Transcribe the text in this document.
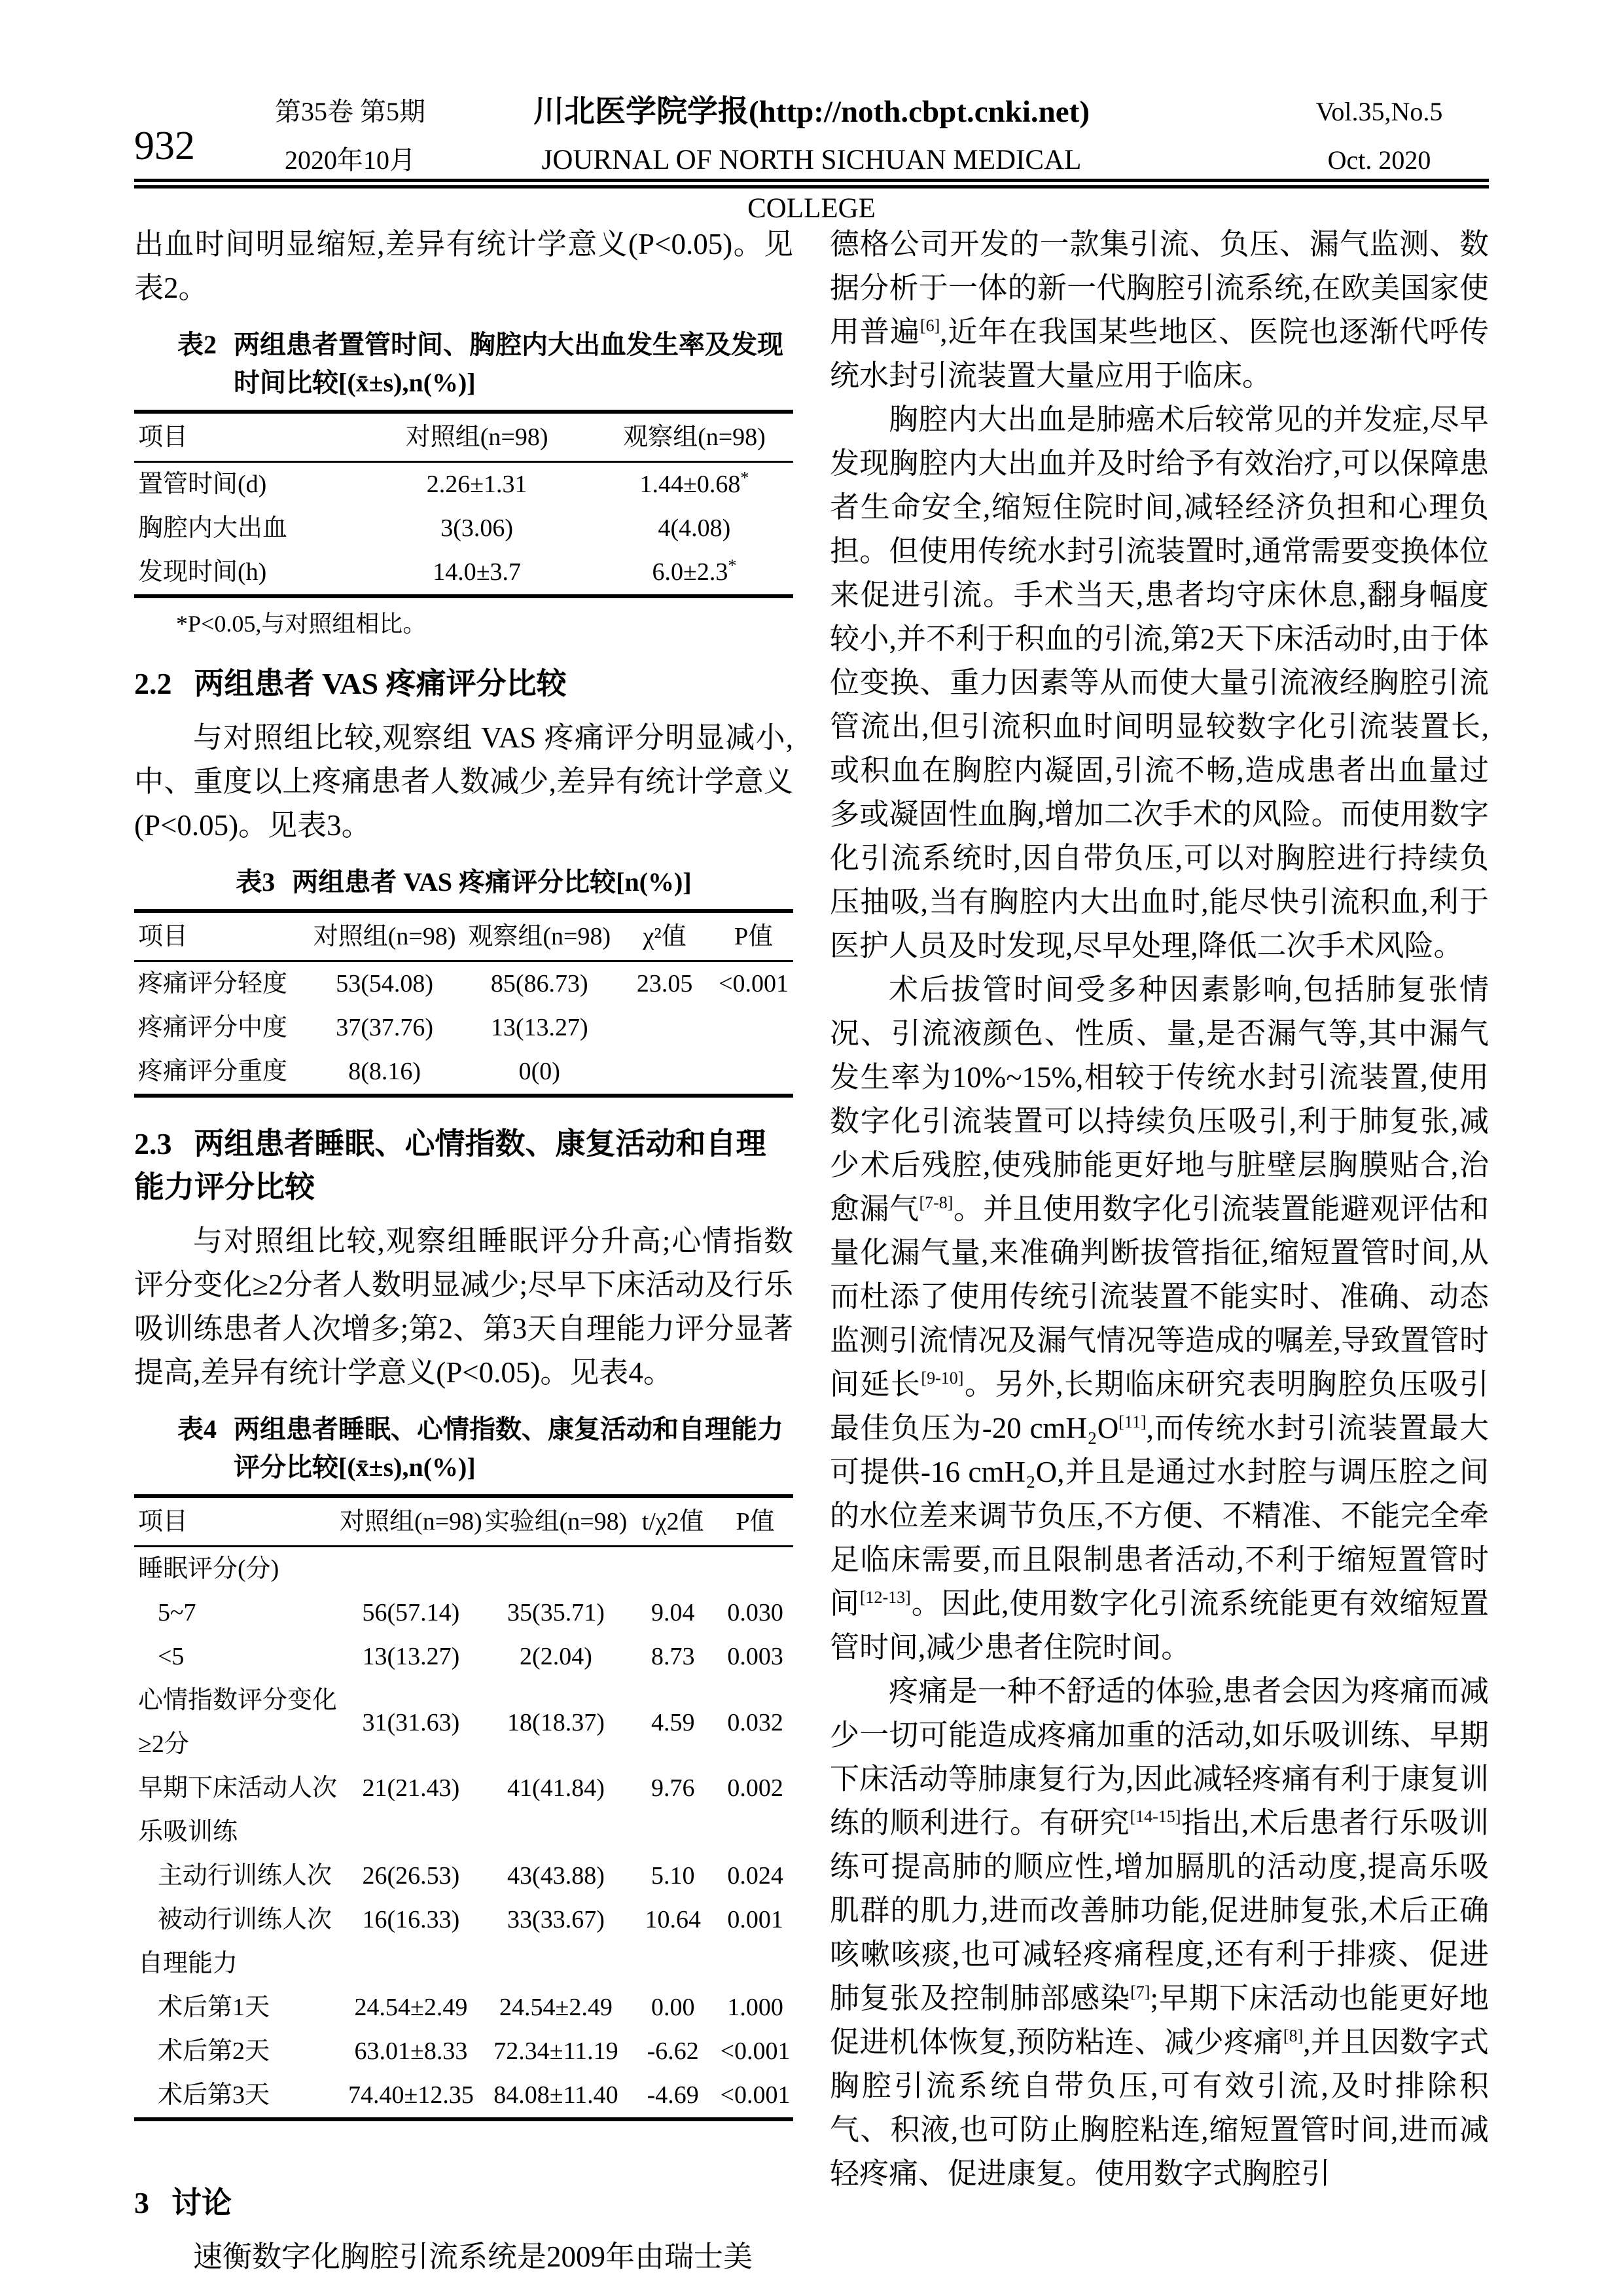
932
第35卷 第5期
2020年10月
川北医学院学报(http://noth.cbpt.cnki.net)
JOURNAL OF NORTH SICHUAN MEDICAL COLLEGE
Vol.35,No.5
Oct. 2020

出血时间明显缩短,差异有统计学意义(P<0.05)。见表2。

表2 两组患者置管时间、胸腔内大出血发生率及发现时间比较[(x̄±s),n(%)]
项目	对照组(n=98)	观察组(n=98)
置管时间(d)	2.26±1.31	1.44±0.68*
胸腔内大出血	3(3.06)	4(4.08)
发现时间(h)	14.0±3.7	6.0±2.3*
*P<0.05,与对照组相比。
2.2 两组患者 VAS 疼痛评分比较

与对照组比较,观察组 VAS 疼痛评分明显减小,中、重度以上疼痛患者人数减少,差异有统计学意义(P<0.05)。见表3。

表3 两组患者 VAS 疼痛评分比较[n(%)]
项目	对照组(n=98)	观察组(n=98)	χ²值	P值
疼痛评分轻度	53(54.08)	85(86.73)	23.05	<0.001
疼痛评分中度	37(37.76)	13(13.27)		
疼痛评分重度	8(8.16)	0(0)		
2.3 两组患者睡眠、心情指数、康复活动和自理能力评分比较

与对照组比较,观察组睡眠评分升高;心情指数评分变化≥2分者人数明显减少;尽早下床活动及行乐吸训练患者人次增多;第2、第3天自理能力评分显著提高,差异有统计学意义(P<0.05)。见表4。

表4 两组患者睡眠、心情指数、康复活动和自理能力评分比较[(x̄±s),n(%)]
项目	对照组(n=98)	实验组(n=98)	t/χ2值	P值
睡眠评分(分)				
5~7	56(57.14)	35(35.71)	9.04	0.030
<5	13(13.27)	2(2.04)	8.73	0.003
心情指数评分变化≥2分	31(31.63)	18(18.37)	4.59	0.032
早期下床活动人次	21(21.43)	41(41.84)	9.76	0.002
乐吸训练				
主动行训练人次	26(26.53)	43(43.88)	5.10	0.024
被动行训练人次	16(16.33)	33(33.67)	10.64	0.001
自理能力				
术后第1天	24.54±2.49	24.54±2.49	0.00	1.000
术后第2天	63.01±8.33	72.34±11.19	-6.62	<0.001
术后第3天	74.40±12.35	84.08±11.40	-4.69	<0.001
3 讨论

速衡数字化胸腔引流系统是2009年由瑞士美

德格公司开发的一款集引流、负压、漏气监测、数据分析于一体的新一代胸腔引流系统,在欧美国家使用普遍[6],近年在我国某些地区、医院也逐渐代呼传统水封引流装置大量应用于临床。

胸腔内大出血是肺癌术后较常见的并发症,尽早发现胸腔内大出血并及时给予有效治疗,可以保障患者生命安全,缩短住院时间,减轻经济负担和心理负担。但使用传统水封引流装置时,通常需要变换体位来促进引流。手术当天,患者均守床休息,翻身幅度较小,并不利于积血的引流,第2天下床活动时,由于体位变换、重力因素等从而使大量引流液经胸腔引流管流出,但引流积血时间明显较数字化引流装置长,或积血在胸腔内凝固,引流不畅,造成患者出血量过多或凝固性血胸,增加二次手术的风险。而使用数字化引流系统时,因自带负压,可以对胸腔进行持续负压抽吸,当有胸腔内大出血时,能尽快引流积血,利于医护人员及时发现,尽早处理,降低二次手术风险。

术后拔管时间受多种因素影响,包括肺复张情况、引流液颜色、性质、量,是否漏气等,其中漏气发生率为10%~15%,相较于传统水封引流装置,使用数字化引流装置可以持续负压吸引,利于肺复张,减少术后残腔,使残肺能更好地与脏壁层胸膜贴合,治愈漏气[7-8]。并且使用数字化引流装置能避观评估和量化漏气量,来准确判断拔管指征,缩短置管时间,从而杜添了使用传统引流装置不能实时、准确、动态监测引流情况及漏气情况等造成的嘱差,导致置管时间延长[9-10]。另外,长期临床研究表明胸腔负压吸引最佳负压为-20 cmH₂O[11],而传统水封引流装置最大可提供-16 cmH₂O,并且是通过水封腔与调压腔之间的水位差来调节负压,不方便、不精准、不能完全牵足临床需要,而且限制患者活动,不利于缩短置管时间[12-13]。因此,使用数字化引流系统能更有效缩短置管时间,减少患者住院时间。

疼痛是一种不舒适的体验,患者会因为疼痛而减少一切可能造成疼痛加重的活动,如乐吸训练、早期下床活动等肺康复行为,因此减轻疼痛有利于康复训练的顺利进行。有研究[14-15]指出,术后患者行乐吸训练可提高肺的顺应性,增加膈肌的活动度,提高乐吸肌群的肌力,进而改善肺功能,促进肺复张,术后正确咳嗽咳痰,也可减轻疼痛程度,还有利于排痰、促进肺复张及控制肺部感染[7];早期下床活动也能更好地促进机体恢复,预防粘连、减少疼痛[8],并且因数字式胸腔引流系统自带负压,可有效引流,及时排除积气、积液,也可防止胸腔粘连,缩短置管时间,进而减轻疼痛、促进康复。使用数字式胸腔引
